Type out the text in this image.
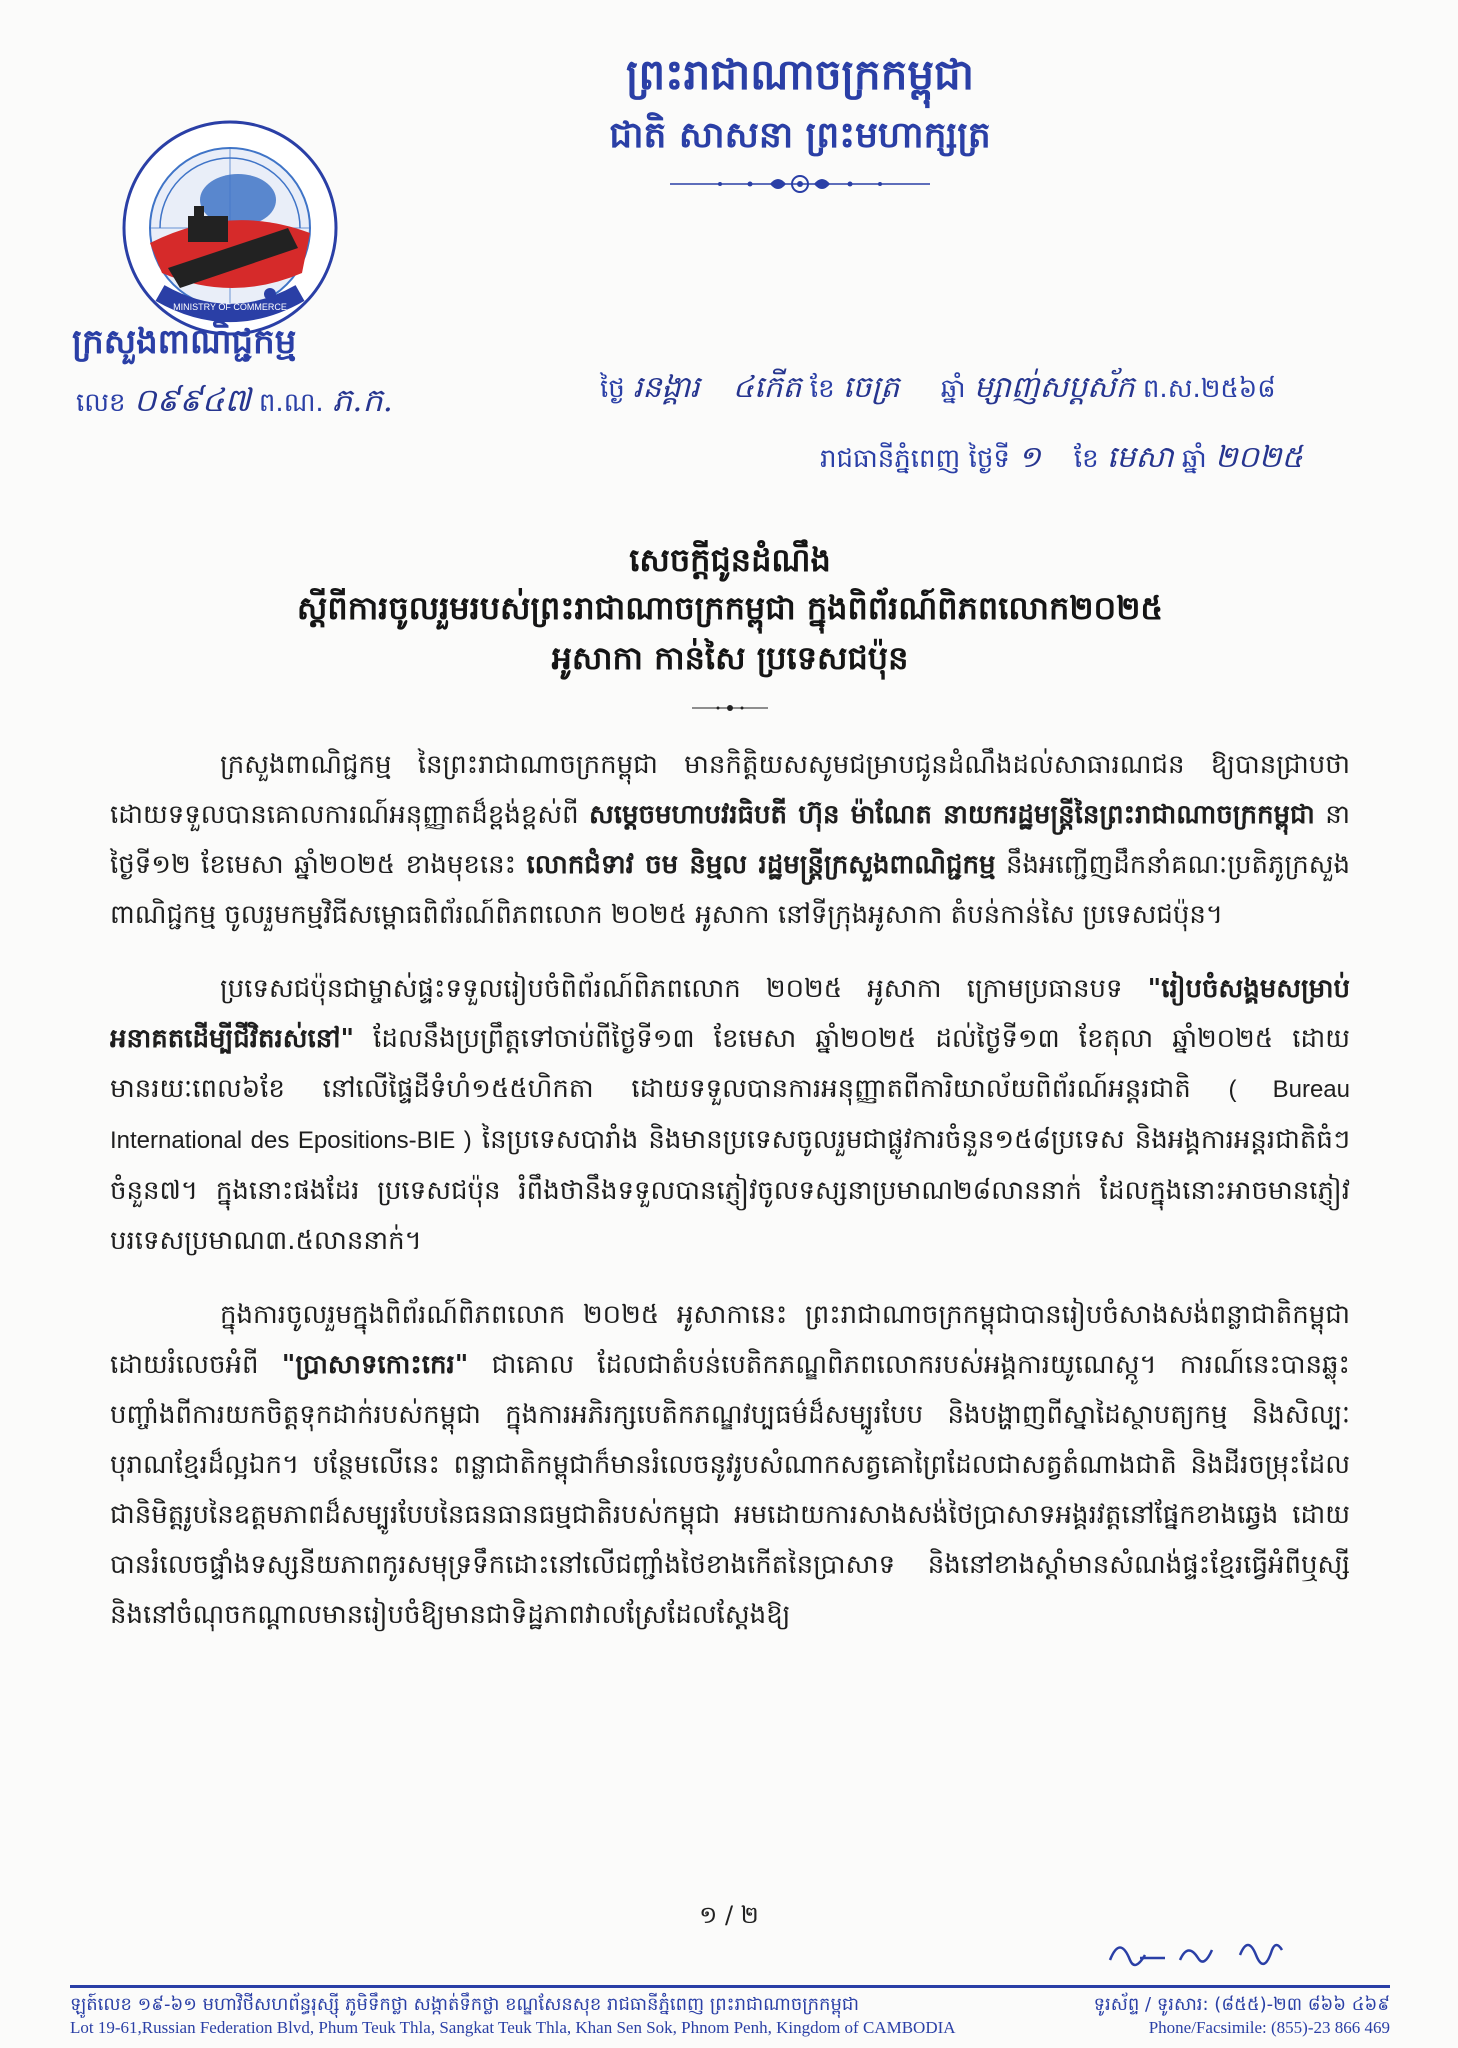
ព្រះរាជាណាចក្រកម្ពុជា
ជាតិ សាសនា ព្រះមហាក្សត្រ
MINISTRY OF COMMERCE
ក្រសួងពាណិជ្ជកម្ម
លេខ ០៩៩៤៧ ព.ណ. ភ.ក.	ថ្ងៃ រនង្គារ ៤កើត ខែ ចេត្រ ឆ្នាំ ម្សាញ់សប្តស័ក ព.ស.២៥៦៨
រាជធានីភ្នំពេញ ថ្ងៃទី ១ ខែ មេសា ឆ្នាំ ២០២៥
សេចក្តីជូនដំណឹង
ស្តីពីការចូលរួមរបស់ព្រះរាជាណាចក្រកម្ពុជា ក្នុងពិព័រណ៍ពិភពលោក២០២៥
អូសាកា កាន់សៃ ប្រទេសជប៉ុន

ក្រសួងពាណិជ្ជកម្ម នៃព្រះរាជាណាចក្រកម្ពុជា មានកិត្តិយសសូមជម្រាបជូនដំណឹងដល់សាធារណជន ឱ្យបានជ្រាបថា ដោយទទួលបានគោលការណ៍អនុញ្ញាតដ៏ខ្ពង់ខ្ពស់ពី សម្តេចមហាបវរធិបតី ហ៊ុន ម៉ាណែត នាយករដ្ឋមន្ត្រីនៃព្រះរាជាណាចក្រកម្ពុជា នាថ្ងៃទី១២ ខែមេសា ឆ្នាំ២០២៥ ខាងមុខនេះ លោកជំទាវ ចម និម្មល រដ្ឋមន្ត្រីក្រសួងពាណិជ្ជកម្ម នឹងអញ្ជើញដឹកនាំគណៈប្រតិភូក្រសួងពាណិជ្ជកម្ម ចូលរួមកម្មវិធីសម្ពោធពិព័រណ៍ពិភពលោក ២០២៥ អូសាកា នៅទីក្រុងអូសាកា តំបន់កាន់សៃ ប្រទេសជប៉ុន។

ប្រទេសជប៉ុនជាម្ចាស់ផ្ទះទទួលរៀបចំពិព័រណ៍ពិភពលោក ២០២៥ អូសាកា ក្រោមប្រធានបទ "រៀបចំសង្គមសម្រាប់អនាគតដើម្បីជីវិតរស់នៅ" ដែលនឹងប្រព្រឹត្តទៅចាប់ពីថ្ងៃទី១៣ ខែមេសា ឆ្នាំ២០២៥ ដល់ថ្ងៃទី១៣ ខែតុលា ឆ្នាំ២០២៥ ដោយមានរយៈពេល៦ខែ នៅលើផ្ទៃដីទំហំ១៥៥ហិកតា ដោយទទួលបានការអនុញ្ញាតពីការិយាល័យពិព័រណ៍អន្តរជាតិ ( Bureau International des Epositions-BIE ) នៃប្រទេសបារាំង និងមានប្រទេសចូលរួមជាផ្លូវការចំនួន១៥៨ប្រទេស និងអង្គការអន្តរជាតិធំៗចំនួន៧។ ក្នុងនោះផងដែរ ប្រទេសជប៉ុន រំពឹងថានឹងទទួលបានភ្ញៀវចូលទស្សនាប្រមាណ២៨លាននាក់ ដែលក្នុងនោះអាចមានភ្ញៀវបរទេសប្រមាណ៣.៥លាននាក់។

ក្នុងការចូលរួមក្នុងពិព័រណ៍ពិភពលោក ២០២៥ អូសាកានេះ ព្រះរាជាណាចក្រកម្ពុជាបានរៀបចំសាងសង់ពន្លាជាតិកម្ពុជាដោយរំលេចអំពី "ប្រាសាទកោះកេរ" ជាគោល ដែលជាតំបន់បេតិកភណ្ឌពិភពលោករបស់អង្គការយូណេស្កូ។ ការណ៍នេះបានឆ្លុះបញ្ចាំងពីការយកចិត្តទុកដាក់របស់កម្ពុជា ក្នុងការអភិរក្សបេតិកភណ្ឌវប្បធម៌ដ៏សម្បូរបែប និងបង្ហាញពីស្នាដៃស្ថាបត្យកម្ម និងសិល្បៈបុរាណខ្មែរដ៏ល្អឯក។ បន្ថែមលើនេះ ពន្លាជាតិកម្ពុជាក៏មានរំលេចនូវរូបសំណាកសត្វគោព្រៃដែលជាសត្វតំណាងជាតិ និងដីរចម្រុះដែលជានិមិត្តរូបនៃឧត្តមភាពដ៏សម្បូរបែបនៃធនធានធម្មជាតិរបស់កម្ពុជា អមដោយការសាងសង់ថៃប្រាសាទអង្គរវត្តនៅផ្នែកខាងឆ្វេង ដោយបានរំលេចផ្ទាំងទស្សនីយភាពកូរសមុទ្រទឹកដោះនៅលើជញ្ជាំងថៃខាងកើតនៃប្រាសាទ និងនៅខាងស្តាំមានសំណង់ផ្ទះខ្មែរធ្វើអំពីឬស្សី និងនៅចំណុចកណ្តាលមានរៀបចំឱ្យមានជាទិដ្ឋភាពវាលស្រែដែលស្តែងឱ្យ

១ / ២
ឡូត៍លេខ ១៩-៦១ មហាវិថីសហព័ន្ធរុស្ស៊ី ភូមិទឹកថ្លា សង្កាត់ទឹកថ្លា ខណ្ឌសែនសុខ រាជធានីភ្នំពេញ ព្រះរាជាណាចក្រកម្ពុជា	ទូរស័ព្ទ / ទូរសារ: (៨៥៥)-២៣ ៨៦៦ ៤៦៩
Lot 19-61,Russian Federation Blvd, Phum Teuk Thla, Sangkat Teuk Thla, Khan Sen Sok, Phnom Penh, Kingdom of CAMBODIA	Phone/Facsimile: (855)-23 866 469
